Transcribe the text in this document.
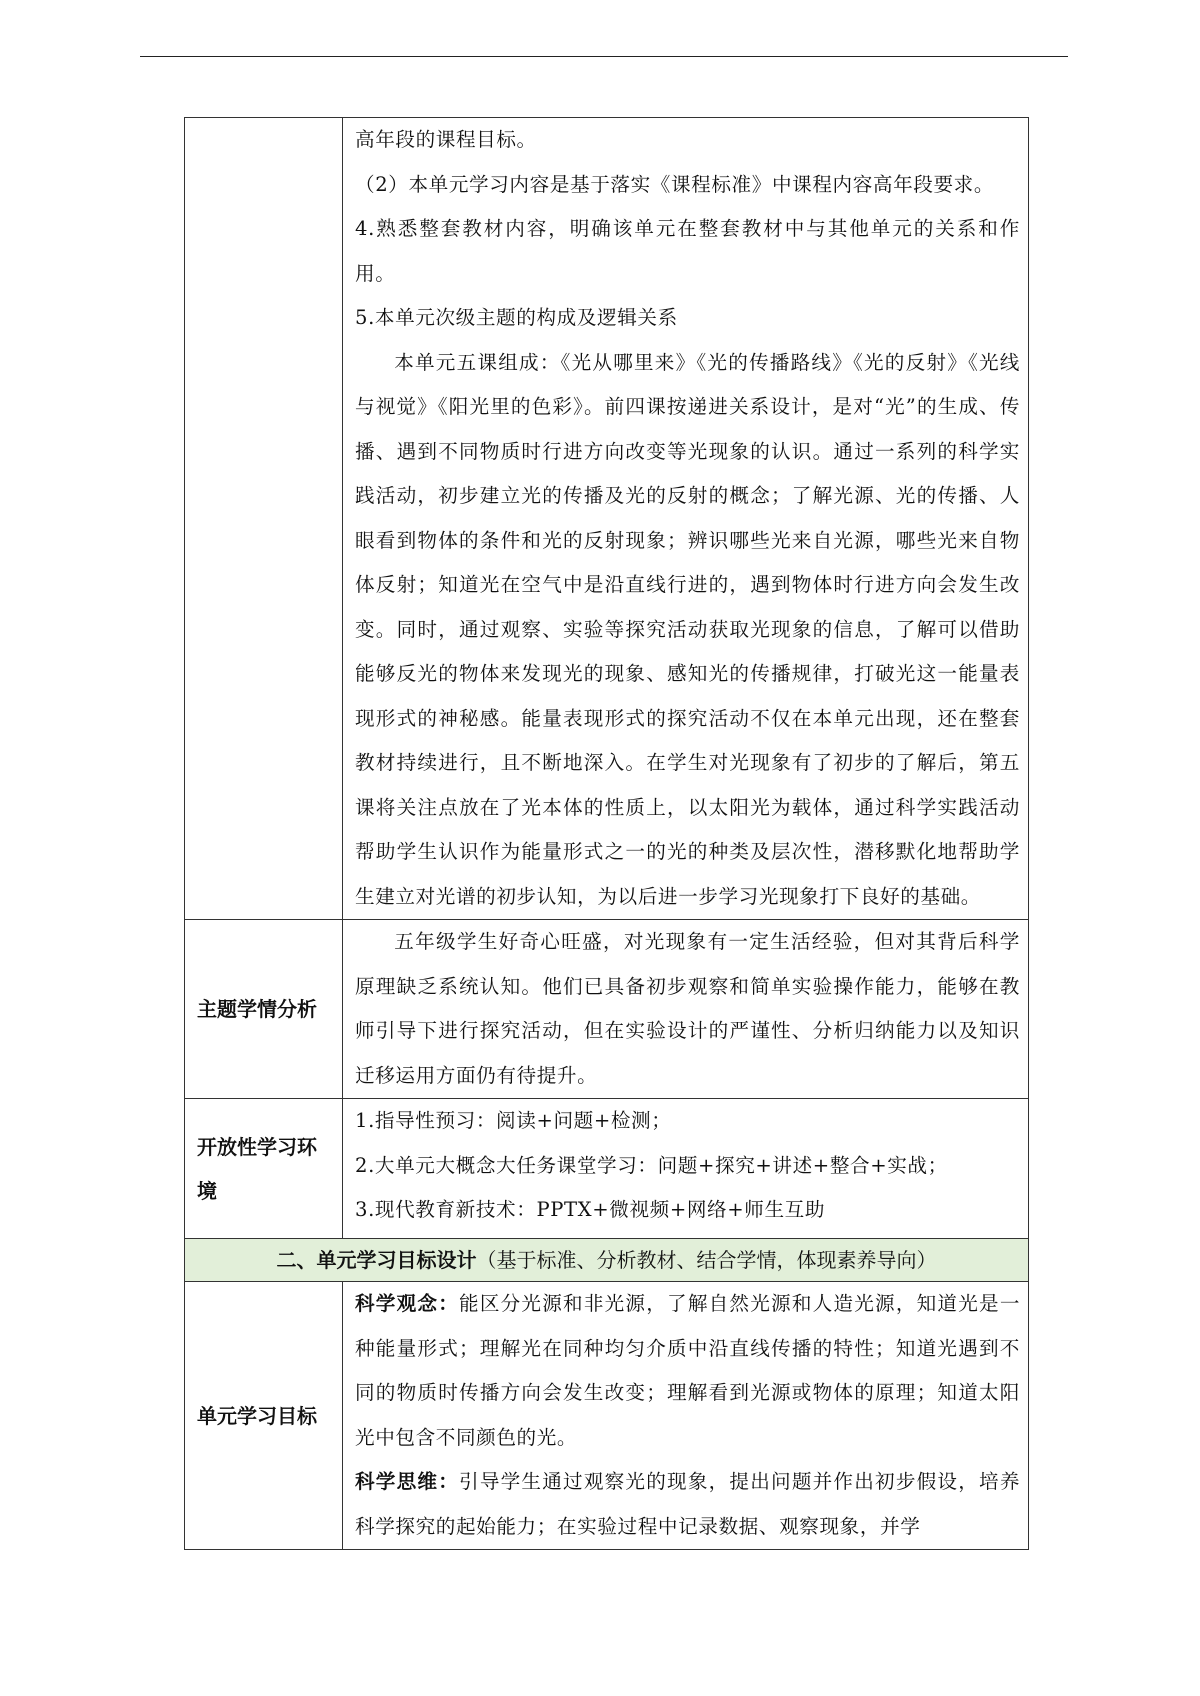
	高年段的课程目标。

（2）本单元学习内容是基于落实《课程标准》中课程内容高年段要求。

4.熟悉整套教材内容，明确该单元在整套教材中与其他单元的关系和作用。

5.本单元次级主题的构成及逻辑关系

本单元五课组成：《光从哪里来》《光的传播路线》《光的反射》《光线与视觉》《阳光里的色彩》。前四课按递进关系设计，是对“光”的生成、传播、遇到不同物质时行进方向改变等光现象的认识。通过一系列的科学实践活动，初步建立光的传播及光的反射的概念；了解光源、光的传播、人眼看到物体的条件和光的反射现象；辨识哪些光来自光源，哪些光来自物体反射；知道光在空气中是沿直线行进的，遇到物体时行进方向会发生改变。同时，通过观察、实验等探究活动获取光现象的信息，了解可以借助能够反光的物体来发现光的现象、感知光的传播规律，打破光这一能量表现形式的神秘感。能量表现形式的探究活动不仅在本单元出现，还在整套教材持续进行，且不断地深入。在学生对光现象有了初步的了解后，第五课将关注点放在了光本体的性质上，以太阳光为载体，通过科学实践活动帮助学生认识作为能量形式之一的光的种类及层次性，潜移默化地帮助学生建立对光谱的初步认知，为以后进一步学习光现象打下良好的基础。

主题学情分析	五年级学生好奇心旺盛，对光现象有一定生活经验，但对其背后科学原理缺乏系统认知。他们已具备初步观察和简单实验操作能力，能够在教师引导下进行探究活动，但在实验设计的严谨性、分析归纳能力以及知识迁移运用方面仍有待提升。

开放性学习环境	1.指导性预习：阅读+问题+检测；

2.大单元大概念大任务课堂学习：问题+探究+讲述+整合+实战；

3.现代教育新技术：PPTX+微视频+网络+师生互助

二、单元学习目标设计（基于标准、分析教材、结合学情，体现素养导向）	
单元学习目标	科学观念：能区分光源和非光源，了解自然光源和人造光源，知道光是一种能量形式；理解光在同种均匀介质中沿直线传播的特性；知道光遇到不同的物质时传播方向会发生改变；理解看到光源或物体的原理；知道太阳光中包含不同颜色的光。

科学思维：引导学生通过观察光的现象，提出问题并作出初步假设，培养科学探究的起始能力；在实验过程中记录数据、观察现象，并学
